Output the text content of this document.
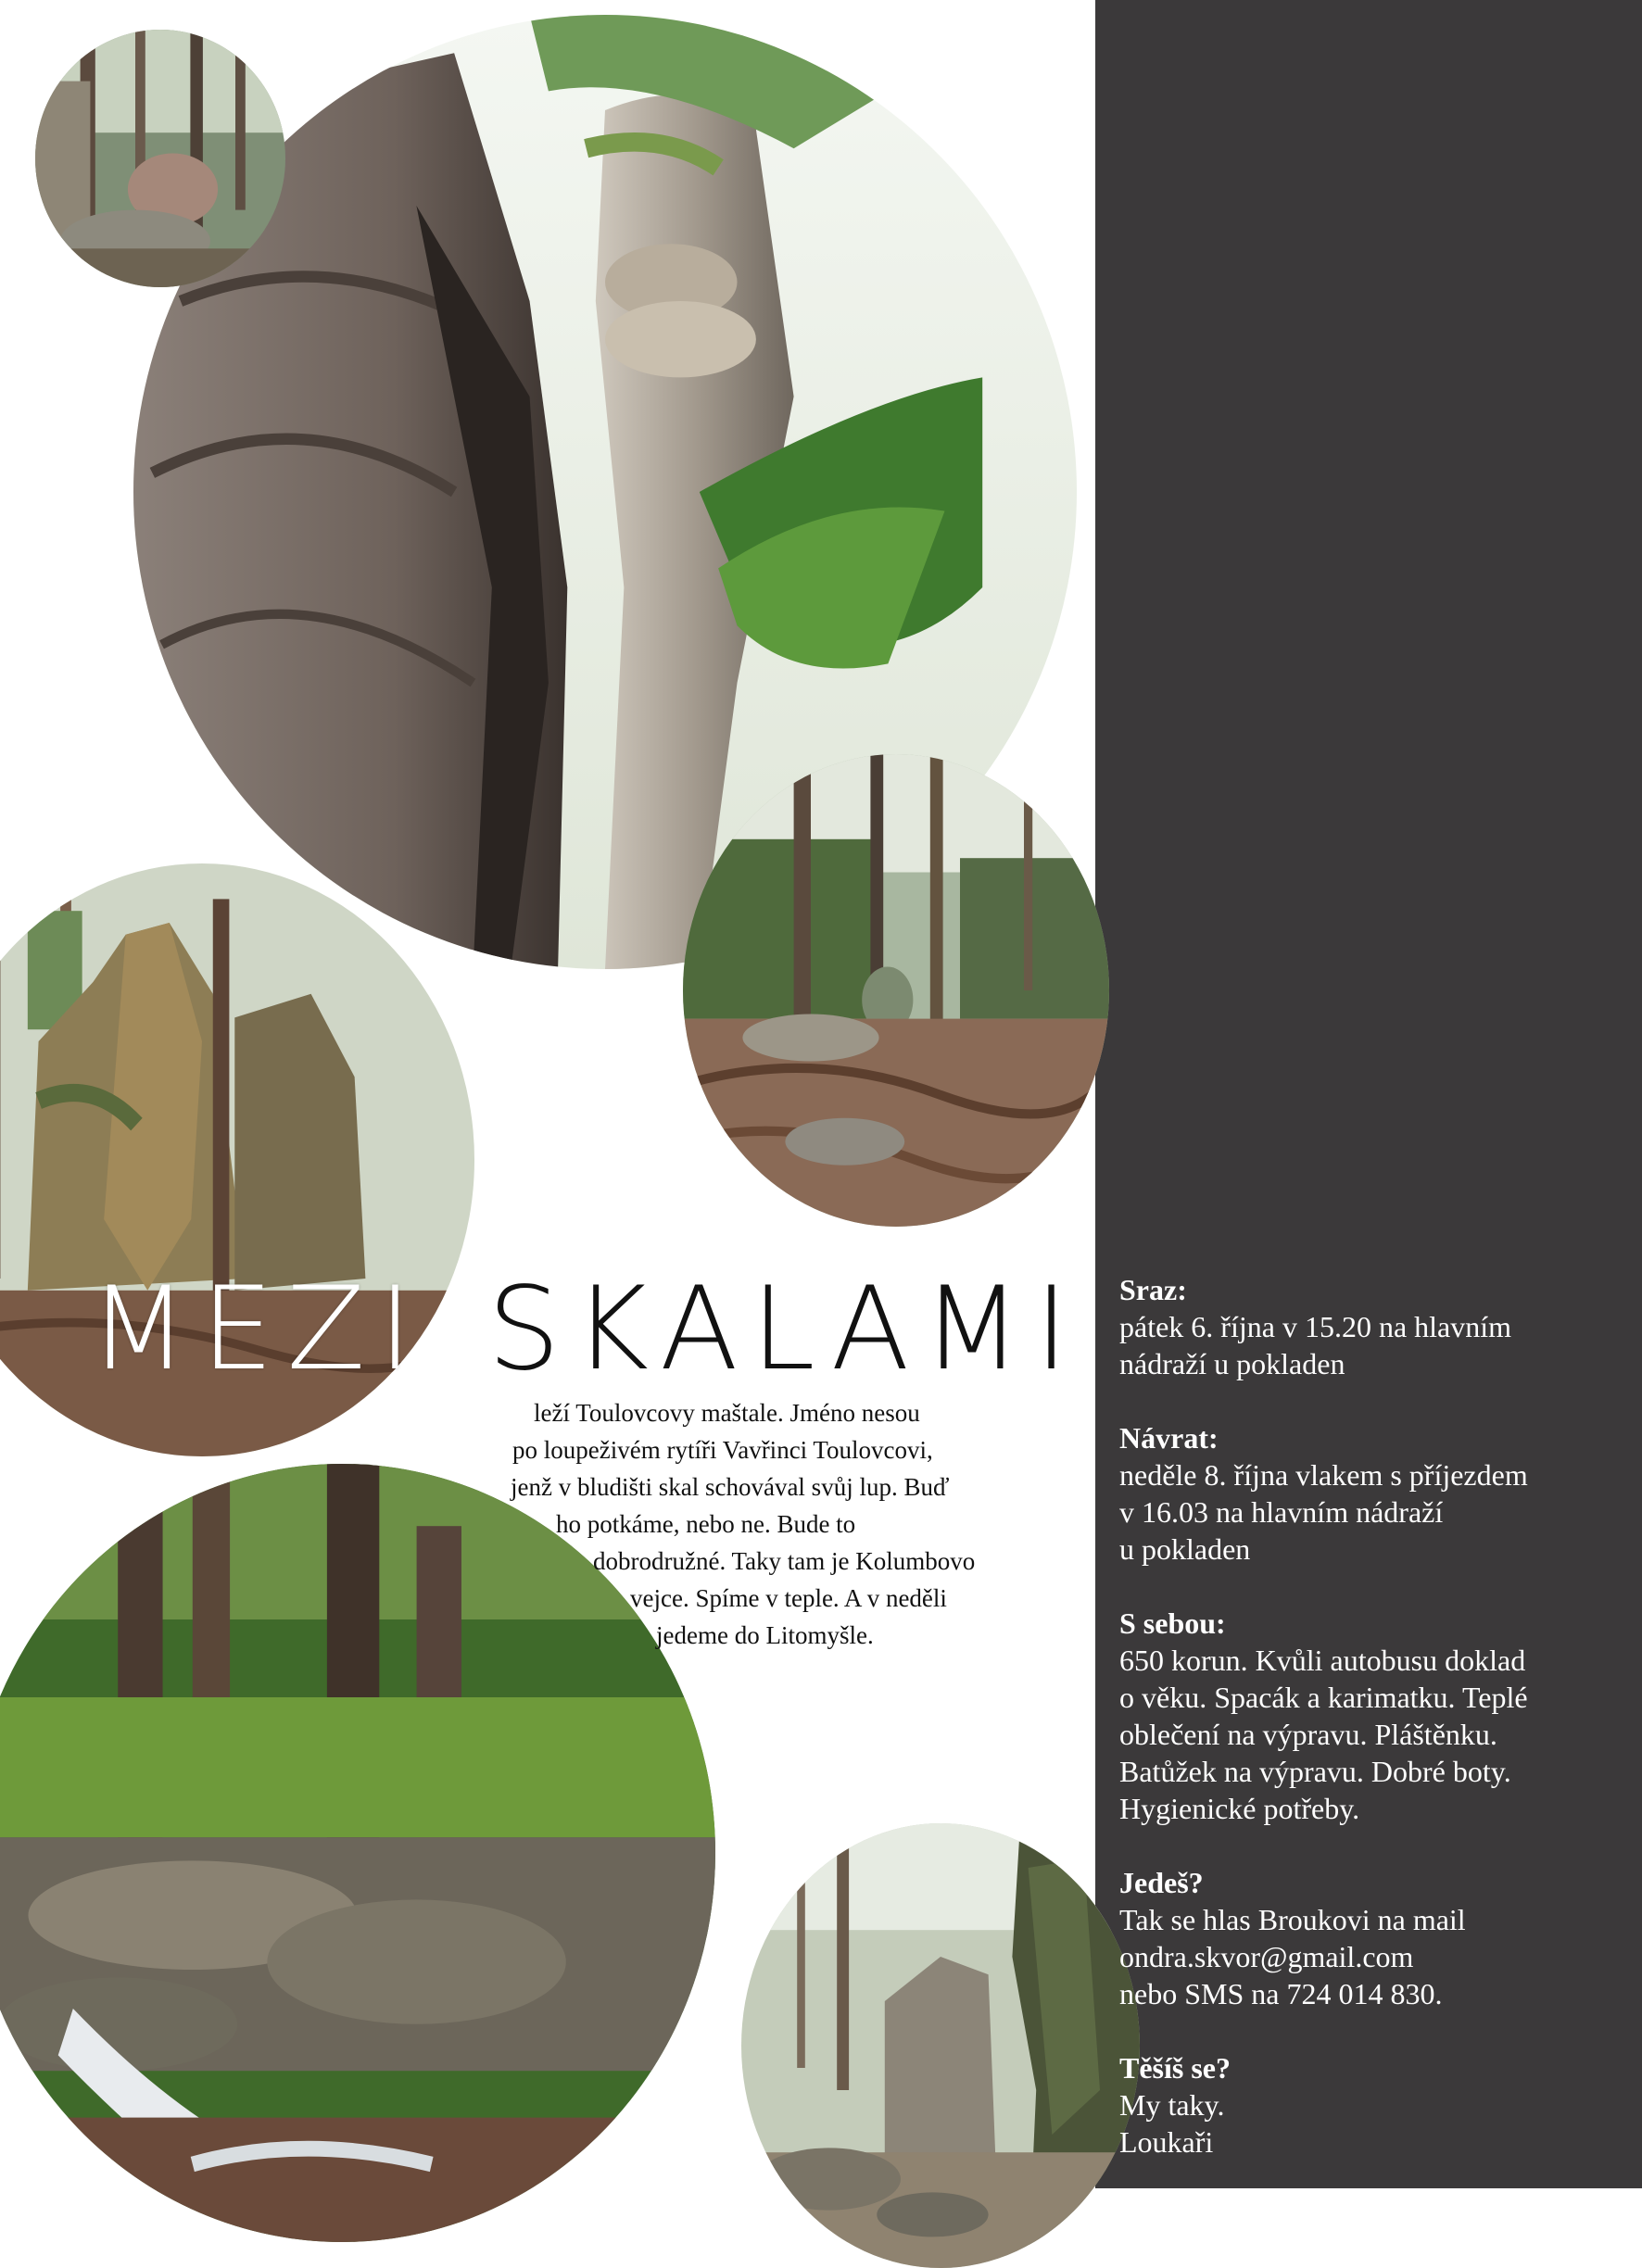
MEZI SKALAMI
leží Toulovcovy maštale. Jméno nesou
po loupeživém rytíři Vavřinci Toulovcovi,
jenž v bludišti skal schovával svůj lup. Buď
ho potkáme, nebo ne. Bude to
dobrodružné. Taky tam je Kolumbovo
vejce. Spíme v teple. A v neděli
jedeme do Litomyšle.
Sraz:
pátek 6. října v 15.20 na hlavním
nádraží u pokladen
Návrat:
neděle 8. října vlakem s příjezdem
v 16.03 na hlavním nádraží
u pokladen
S sebou:
650 korun. Kvůli autobusu doklad
o věku. Spacák a karimatku. Teplé
oblečení na výpravu. Pláštěnku.
Batůžek na výpravu. Dobré boty.
Hygienické potřeby.
Jedeš?
Tak se hlas Broukovi na mail
ondra.skvor@gmail.com
nebo SMS na 724 014 830.
Těšíš se?
My taky.
Loukaři
